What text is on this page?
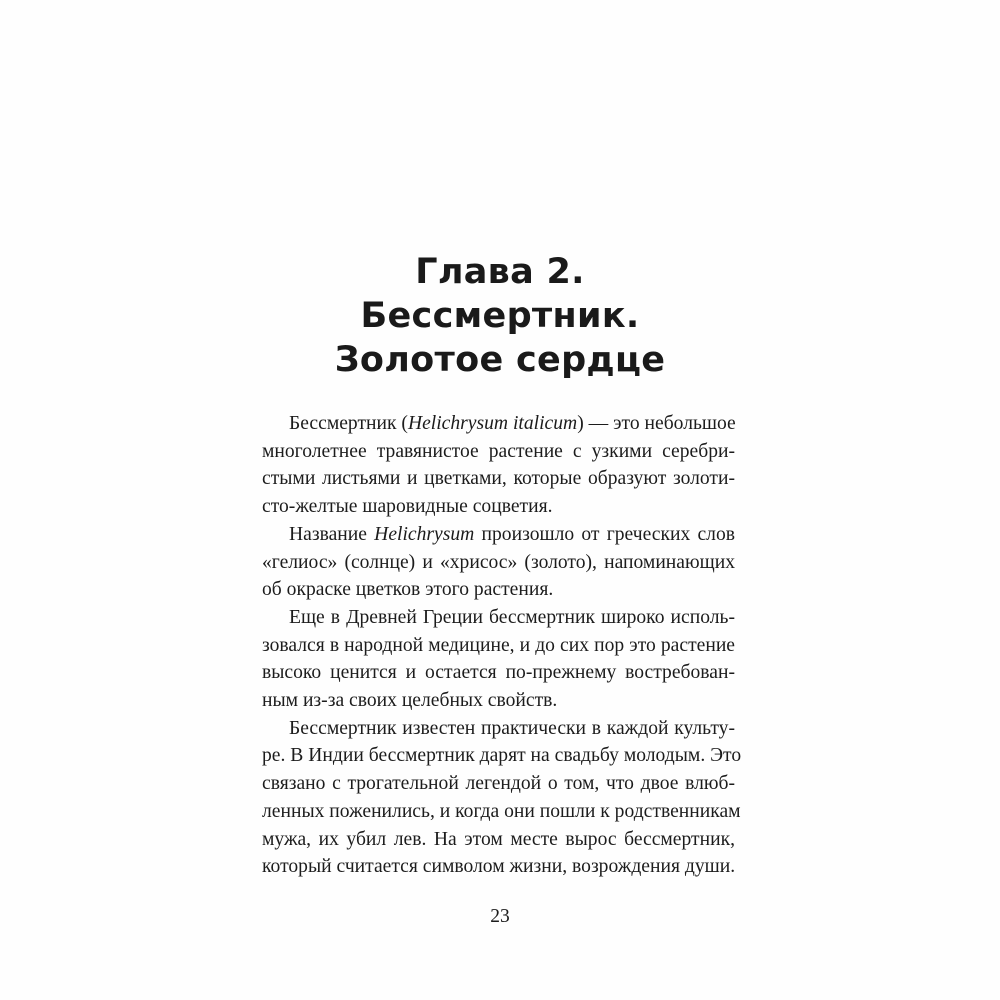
Глава 2.
Бессмертник.
Золотое сердце

Бессмертник (Helichrysum italicum) — это небольшое
многолетнее травянистое растение с узкими серебри-
стыми листьями и цветками, которые образуют золоти-
сто-желтые шаровидные соцветия.

Название Helichrysum произошло от греческих слов
«гелиос» (солнце) и «хрисос» (золото), напоминающих
об окраске цветков этого растения.

Еще в Древней Греции бессмертник широко исполь-
зовался в народной медицине, и до сих пор это растение
высоко ценится и остается по-прежнему востребован-
ным из-за своих целебных свойств.

Бессмертник известен практически в каждой культу-
ре. В Индии бессмертник дарят на свадьбу молодым. Это
связано с трогательной легендой о том, что двое влюб-
ленных поженились, и когда они пошли к родственникам
мужа, их убил лев. На этом месте вырос бессмертник,
который считается символом жизни, возрождения души.

23
